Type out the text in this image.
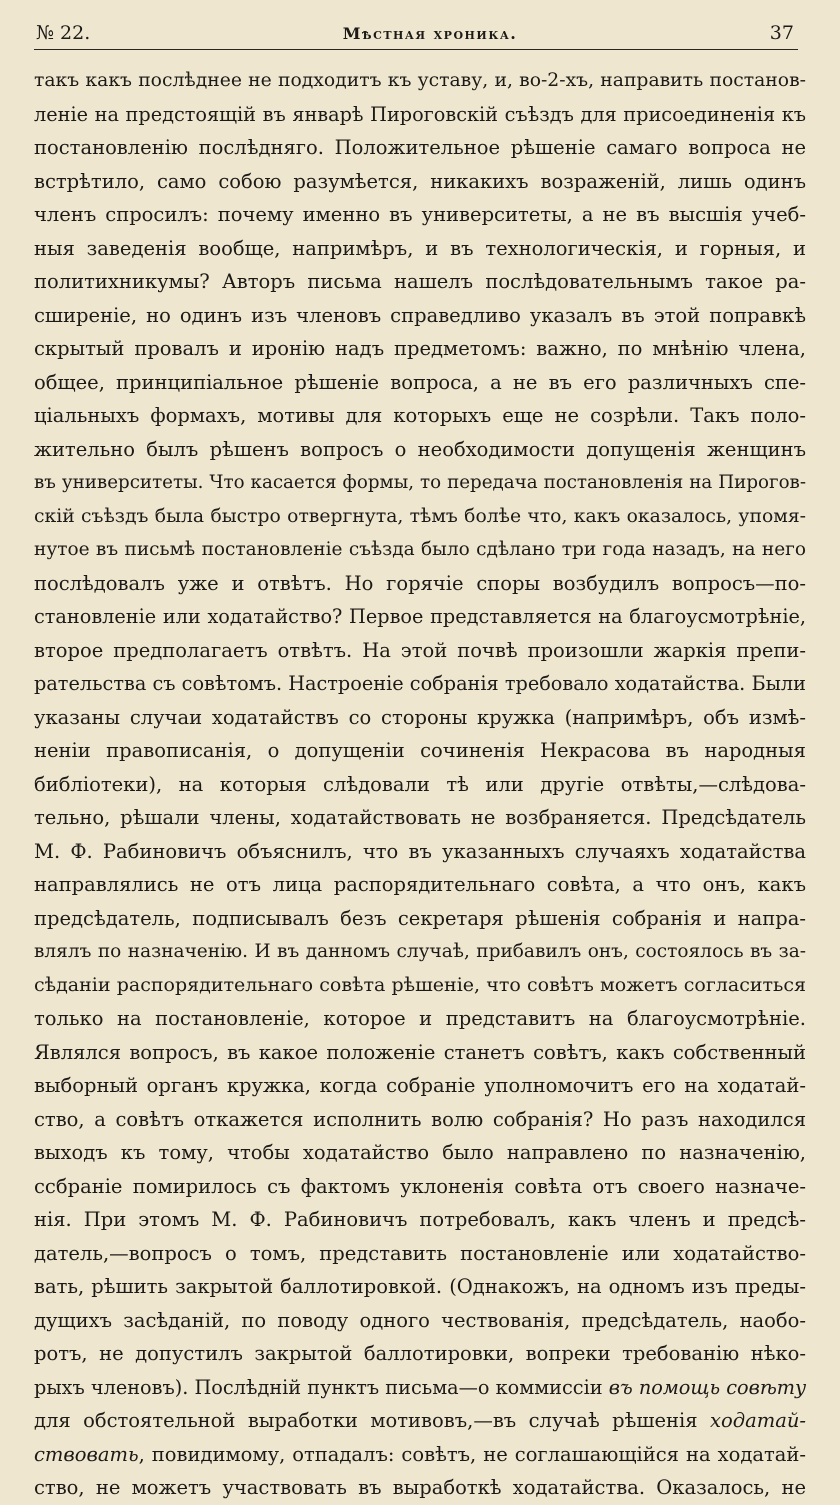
№ 22.	Мѣстная хроника.	37
такъ какъ послѣднее не подходитъ къ уставу, и, во-2-хъ, направить постанов-
леніе на предстоящій въ январѣ Пироговскій съѣздъ для присоединенія къ
постановленію послѣдняго. Положительное рѣшеніе самаго вопроса не
встрѣтило, само собою разумѣется, никакихъ возраженій, лишь одинъ
членъ спросилъ: почему именно въ университеты, а не въ высшія учеб-
ныя заведенія вообще, напримѣръ, и въ технологическія, и горныя, и
политихникумы? Авторъ письма нашелъ послѣдовательнымъ такое ра-
сширеніе, но одинъ изъ членовъ справедливо указалъ въ этой поправкѣ
скрытый провалъ и иронію надъ предметомъ: важно, по мнѣнію члена,
общее, принципіальное рѣшеніе вопроса, а не въ его различныхъ спе-
ціальныхъ формахъ, мотивы для которыхъ еще не созрѣли. Такъ поло-
жительно былъ рѣшенъ вопросъ о необходимости допущенія женщинъ
въ университеты. Что касается формы, то передача постановленія на Пирогов-
скій съѣздъ была быстро отвергнута, тѣмъ болѣе что, какъ оказалось, упомя-
нутое въ письмѣ постановленіе съѣзда было сдѣлано три года назадъ, на него
послѣдовалъ уже и отвѣтъ. Но горячіе споры возбудилъ вопросъ—по-
становленіе или ходатайство? Первое представляется на благоусмотрѣніе,
второе предполагаетъ отвѣтъ. На этой почвѣ произошли жаркія препи-
рательства съ совѣтомъ. Настроеніе собранія требовало ходатайства. Были
указаны случаи ходатайствъ со стороны кружка (напримѣръ, объ измѣ-
неніи правописанія, о допущеніи сочиненія Некрасова въ народныя
библіотеки), на которыя слѣдовали тѣ или другіе отвѣты,—слѣдова-
тельно, рѣшали члены, ходатайствовать не возбраняется. Предсѣдатель
М. Ф. Рабиновичъ объяснилъ, что въ указанныхъ случаяхъ ходатайства
направлялись не отъ лица распорядительнаго совѣта, а что онъ, какъ
предсѣдатель, подписывалъ безъ секретаря рѣшенія собранія и напра-
влялъ по назначенію. И въ данномъ случаѣ, прибавилъ онъ, состоялось въ за-
сѣданіи распорядительнаго совѣта рѣшеніе, что совѣтъ можетъ согласиться
только на постановленіе, которое и представитъ на благоусмотрѣніе.
Являлся вопросъ, въ какое положеніе станетъ совѣтъ, какъ собственный
выборный органъ кружка, когда собраніе уполномочитъ его на ходатай-
ство, а совѣтъ откажется исполнить волю собранія? Но разъ находился
выходъ къ тому, чтобы ходатайство было направлено по назначенію,
ссбраніе помирилось съ фактомъ уклоненія совѣта отъ своего назначе-
нія. При этомъ М. Ф. Рабиновичъ потребовалъ, какъ членъ и предсѣ-
датель,—вопросъ о томъ, представить постановленіе или ходатайство-
вать, рѣшить закрытой баллотировкой. (Однакожъ, на одномъ изъ преды-
дущихъ засѣданій, по поводу одного чествованія, предсѣдатель, наобо-
ротъ, не допустилъ закрытой баллотировки, вопреки требованію нѣко-
рыхъ членовъ). Послѣдній пунктъ письма—о коммиссіи въ помощь совѣту
для обстоятельной выработки мотивовъ,—въ случаѣ рѣшенія ходатай-
ствовать, повидимому, отпадалъ: совѣтъ, не соглашающійся на ходатай-
ство, не можетъ участвовать въ выработкѣ ходатайства. Оказалось, не
